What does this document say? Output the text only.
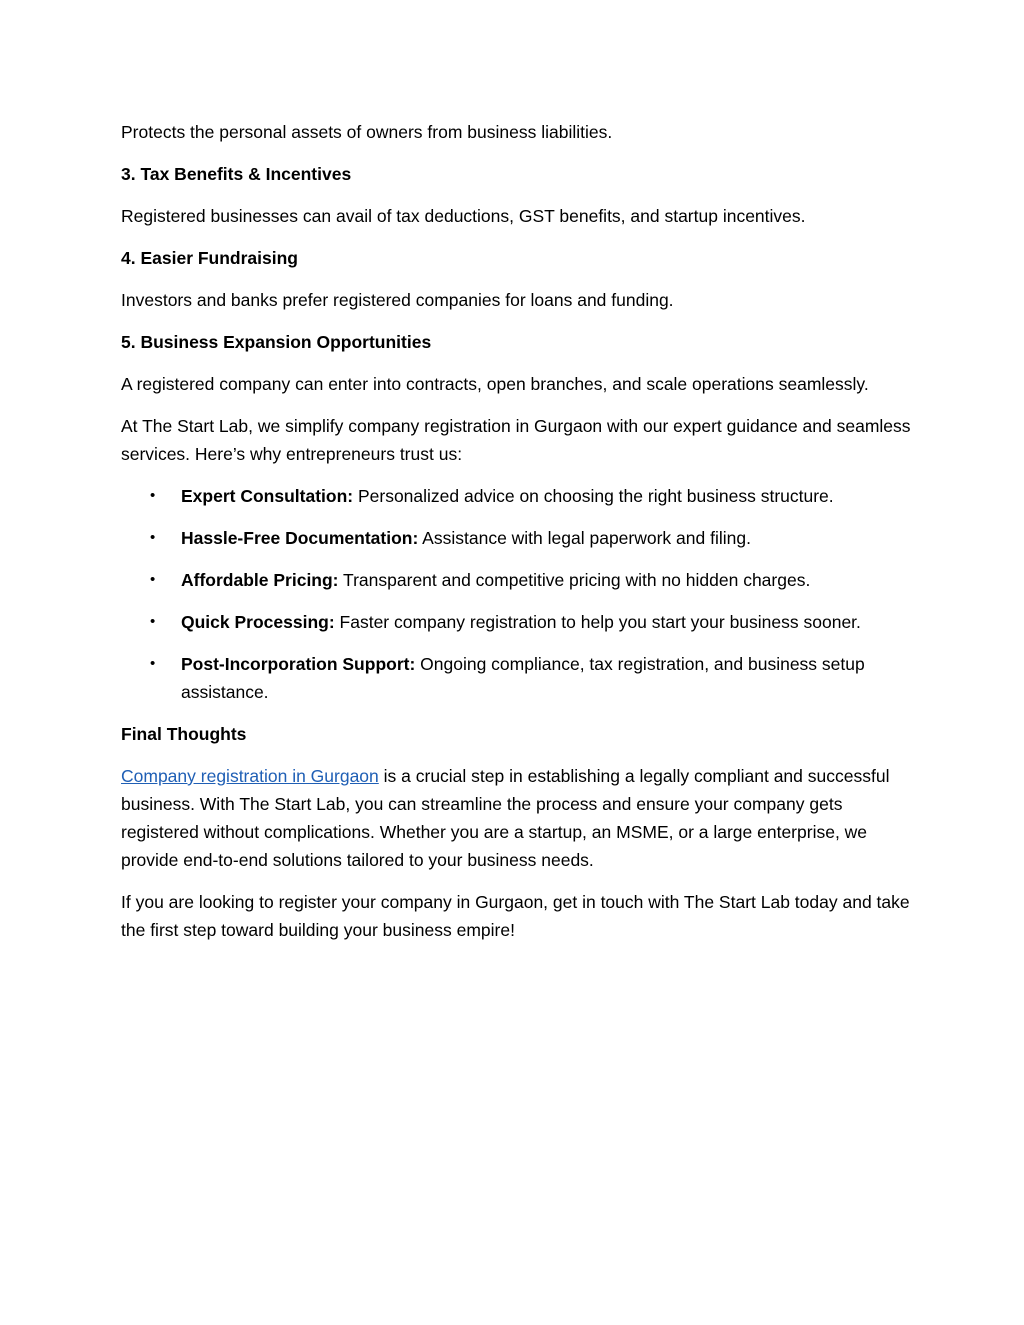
Protects the personal assets of owners from business liabilities.

3. Tax Benefits & Incentives

Registered businesses can avail of tax deductions, GST benefits, and startup incentives.

4. Easier Fundraising

Investors and banks prefer registered companies for loans and funding.

5. Business Expansion Opportunities

A registered company can enter into contracts, open branches, and scale operations seamlessly.

At The Start Lab, we simplify company registration in Gurgaon with our expert guidance and seamless services. Here’s why entrepreneurs trust us:

• Expert Consultation: Personalized advice on choosing the right business structure.
• Hassle-Free Documentation: Assistance with legal paperwork and filing.
• Affordable Pricing: Transparent and competitive pricing with no hidden charges.
• Quick Processing: Faster company registration to help you start your business sooner.
• Post-Incorporation Support: Ongoing compliance, tax registration, and business setup assistance.
Final Thoughts

Company registration in Gurgaon is a crucial step in establishing a legally compliant and successful business. With The Start Lab, you can streamline the process and ensure your company gets registered without complications. Whether you are a startup, an MSME, or a large enterprise, we provide end-to-end solutions tailored to your business needs.

If you are looking to register your company in Gurgaon, get in touch with The Start Lab today and take the first step toward building your business empire!
